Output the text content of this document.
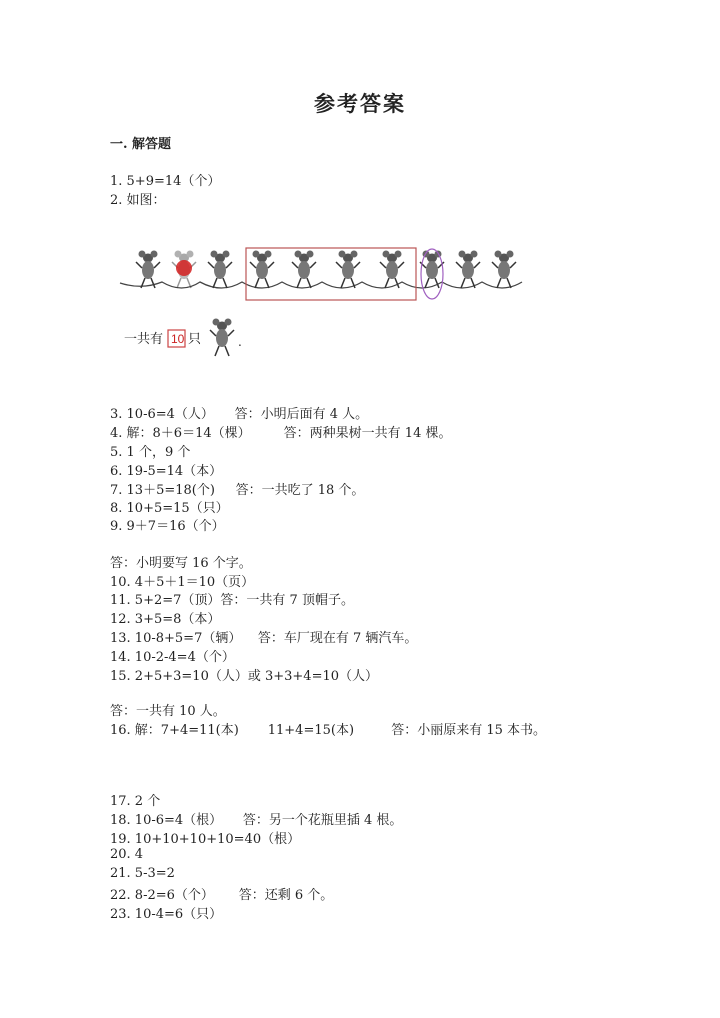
参考答案
一. 解答题
1. 5+9=14（个）
2. 如图：
一共有 10 只	.
3. 10-6=4（人）     答：小明后面有 4 人。
4. 解：8＋6＝14（棵）        答：两种果树一共有 14 棵。
5. 1 个，9 个
6. 19-5=14（本）
7. 13＋5=18(个)     答：一共吃了 18 个。
8. 10+5=15（只）
9. 9＋7＝16（个）
答：小明要写 16 个字。
10. 4＋5＋1＝10（页）
11. 5+2=7（顶）答：一共有 7 顶帽子。
12. 3+5=8（本）
13. 10-8+5=7（辆）    答：车厂现在有 7 辆汽车。
14. 10-2-4=4（个）
15. 2+5+3=10（人）或 3+3+4=10（人）
答：一共有 10 人。
16. 解：7+4=11(本)       11+4=15(本)         答：小丽原来有 15 本书。
17. 2 个
18. 10-6=4（根）     答：另一个花瓶里插 4 根。
19. 10+10+10+10=40（根）
20. 4
21. 5-3=2
22. 8-2=6（个）      答：还剩 6 个。
23. 10-4=6（只）
